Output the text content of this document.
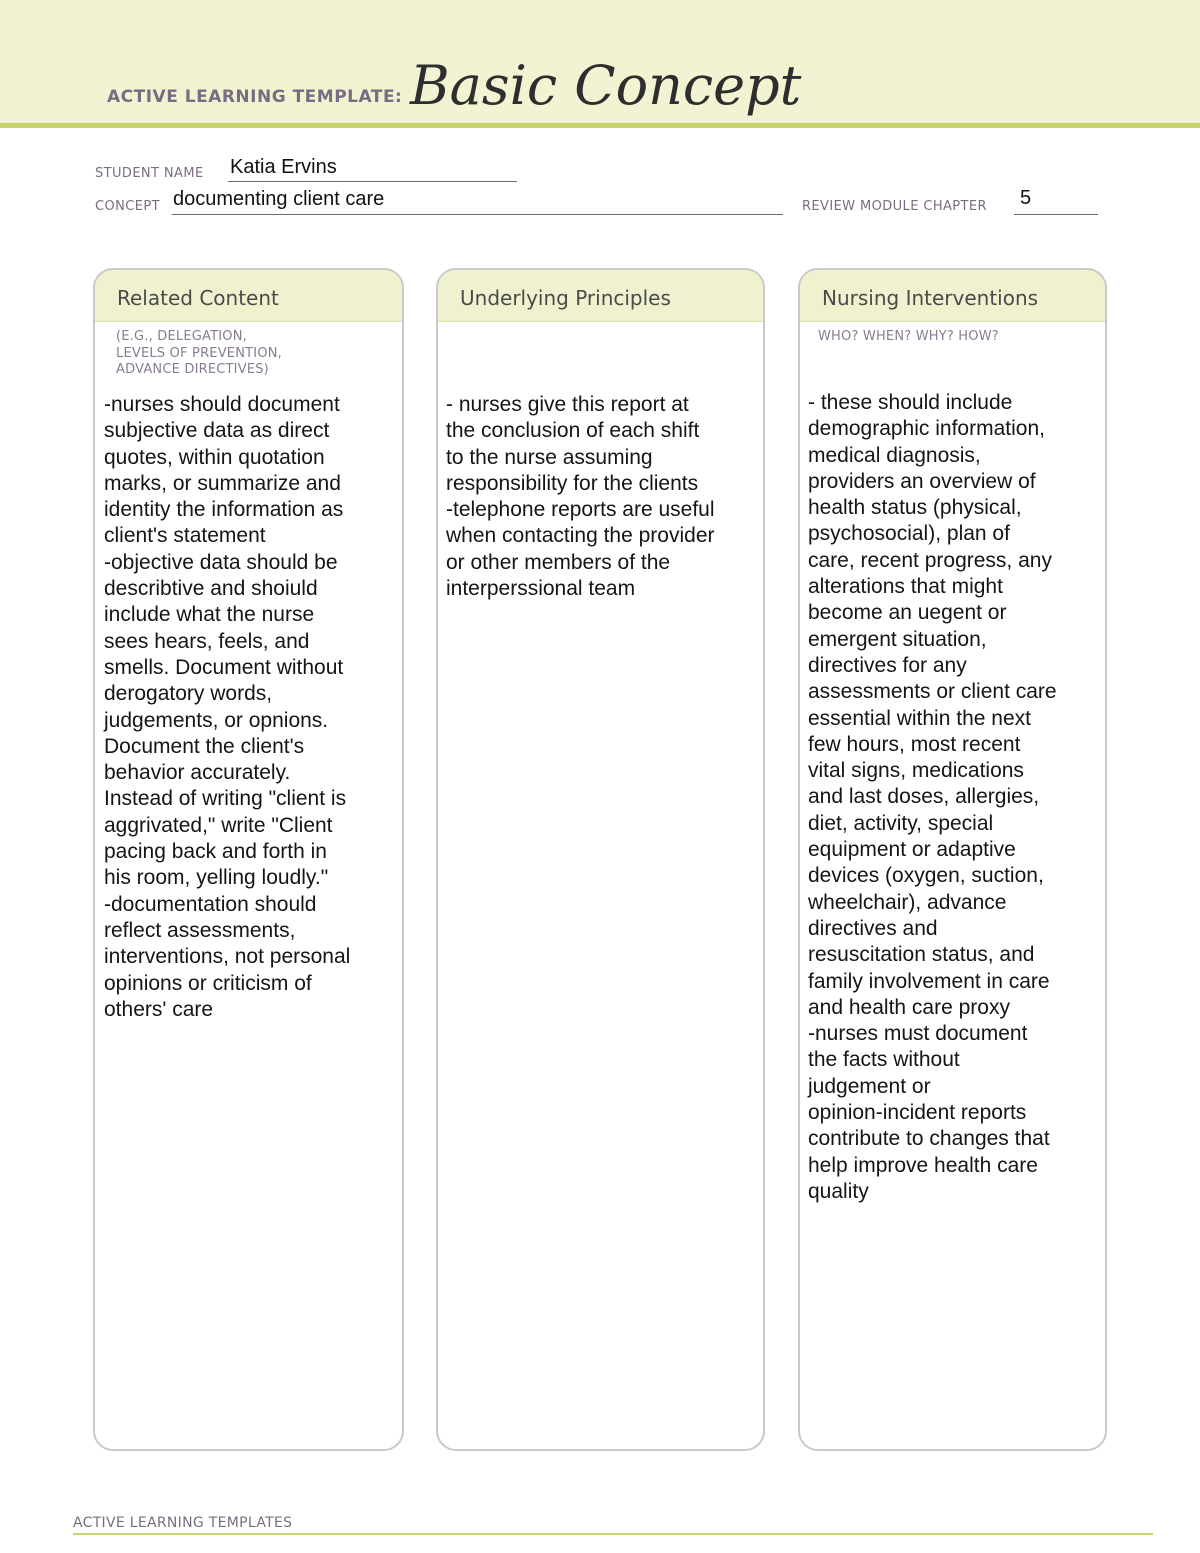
ACTIVE LEARNING TEMPLATE: Basic Concept
STUDENT NAME Katia Ervins
CONCEPT documenting client care	REVIEW MODULE CHAPTER 5
Related Content
(E.G., DELEGATION,
LEVELS OF PREVENTION,
ADVANCE DIRECTIVES)
-nurses should document
subjective data as direct
quotes, within quotation
marks, or summarize and
identity the information as
client's statement
-objective data should be
describtive and shoiuld
include what the nurse
sees hears, feels, and
smells. Document without
derogatory words,
judgements, or opnions.
Document the client's
behavior accurately.
Instead of writing "client is
aggrivated," write "Client
pacing back and forth in
his room, yelling loudly."
-documentation should
reflect assessments,
interventions, not personal
opinions or criticism of
others' care
Underlying Principles
- nurses give this report at
the conclusion of each shift
to the nurse assuming
responsibility for the clients
-telephone reports are useful
when contacting the provider
or other members of the
interperssional team
Nursing Interventions
WHO? WHEN? WHY? HOW?
- these should include
demographic information,
medical diagnosis,
providers an overview of
health status (physical,
psychosocial), plan of
care, recent progress, any
alterations that might
become an uegent or
emergent situation,
directives for any
assessments or client care
essential within the next
few hours, most recent
vital signs, medications
and last doses, allergies,
diet, activity, special
equipment or adaptive
devices (oxygen, suction,
wheelchair), advance
directives and
resuscitation status, and
family involvement in care
and health care proxy
-nurses must document
the facts without
judgement or
opinion-incident reports
contribute to changes that
help improve health care
quality
ACTIVE LEARNING TEMPLATES
